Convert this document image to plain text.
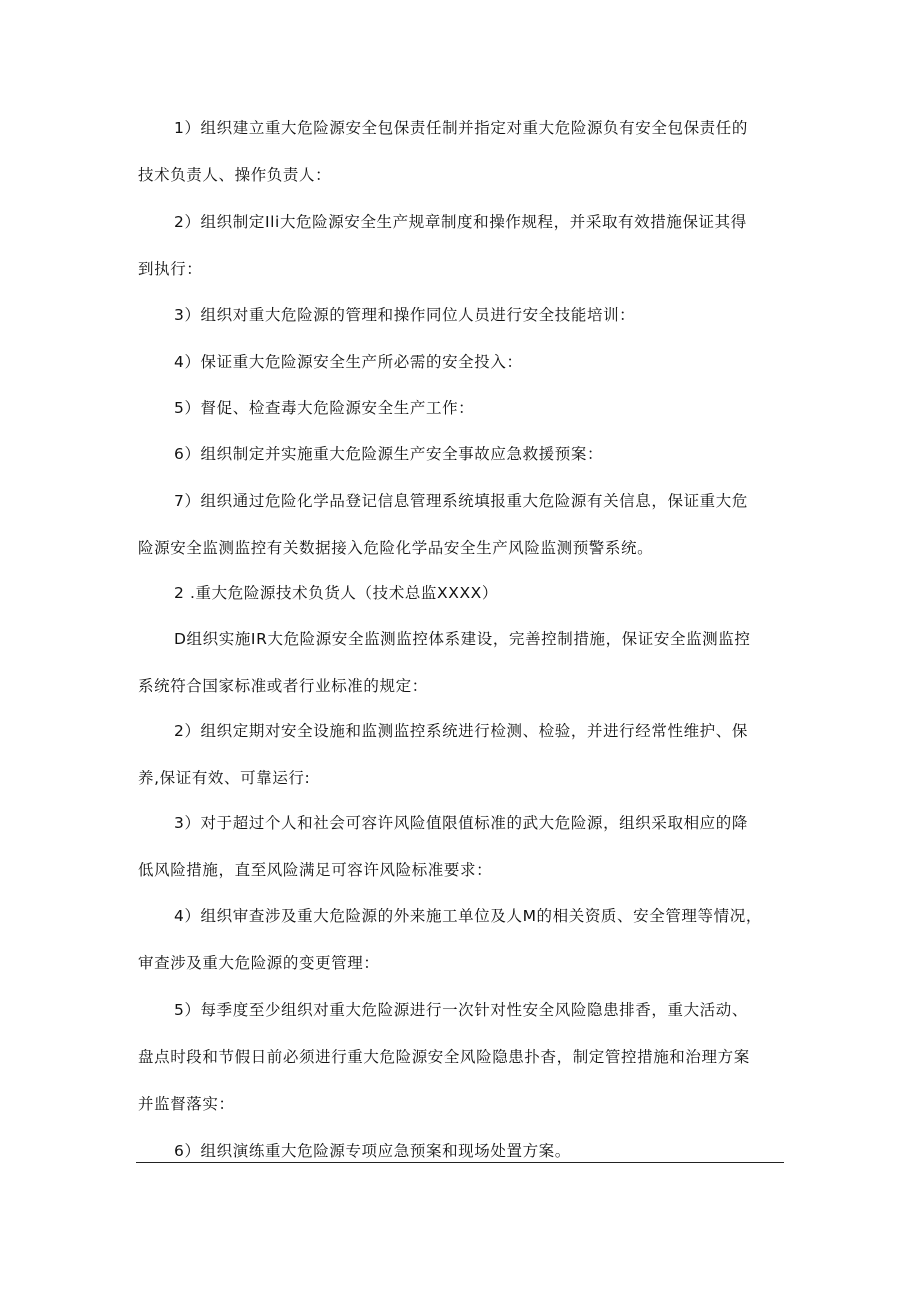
1）组织建立重大危险源安全包保责任制并指定对重大危险源负有安全包保责任的
技术负责人、操作负责人：

2）组织制定Ili大危险源安全生产规章制度和操作规程，并采取有效措施保证其得
到执行：

3）组织对重大危险源的管理和操作同位人员进行安全技能培训：

4）保证重大危险源安全生产所必需的安全投入：

5）督促、检查毒大危险源安全生产工作：

6）组织制定并实施重大危险源生产安全事故应急救援预案：

7）组织通过危险化学品登记信息管理系统填报重大危险源有关信息，保证重大危
险源安全监测监控有关数据接入危险化学品安全生产风险监测预警系统。

2 .重大危险源技术负货人（技术总监XXXX）

D组织实施IR大危险源安全监测监控体系建设，完善控制措施，保证安全监测监控
系统符合国家标准或者行业标准的规定：

2）组织定期对安全设施和监测监控系统进行检测、检验，并进行经常性维护、保
养,保证有效、可靠运行:

3）对于超过个人和社会可容许风险值限值标准的武大危险源，组织采取相应的降
低风险措施，直至风险满足可容许风险标准要求：

4）组织审查涉及重大危险源的外来施工单位及人M的相关资质、安全管理等情况，
审查涉及重大危险源的变更管理：

5）每季度至少组织对重大危险源进行一次针对性安全风险隐患排香，重大活动、
盘点时段和节假日前必须进行重大危险源安全风险隐患扑杳，制定管控措施和治理方案
并监督落实：

6）组织演练重大危险源专项应急预案和现场处置方案。
